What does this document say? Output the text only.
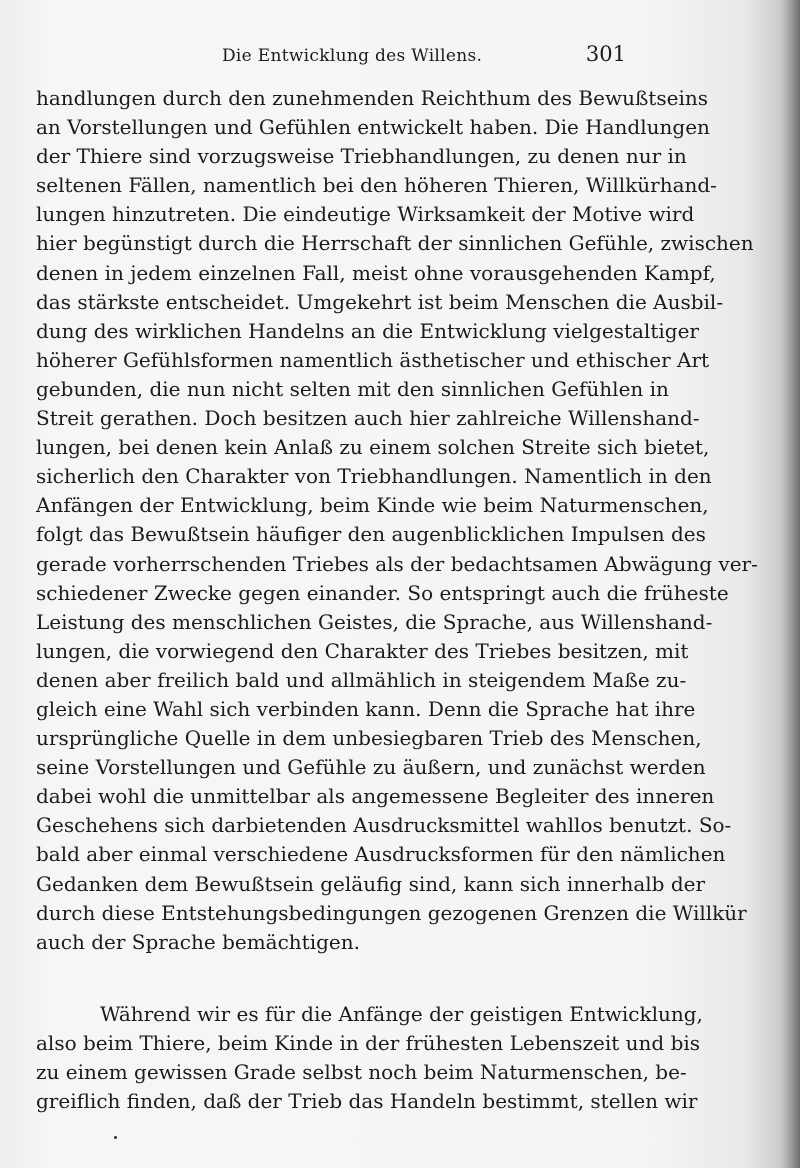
Die Entwicklung des Willens.	301
handlungen durch den zunehmenden Reichthum des Bewußtseins
an Vorstellungen und Gefühlen entwickelt haben. Die Handlungen
der Thiere sind vorzugsweise Triebhandlungen, zu denen nur in
seltenen Fällen, namentlich bei den höheren Thieren, Willkürhand-
lungen hinzutreten. Die eindeutige Wirksamkeit der Motive wird
hier begünstigt durch die Herrschaft der sinnlichen Gefühle, zwischen
denen in jedem einzelnen Fall, meist ohne vorausgehenden Kampf,
das stärkste entscheidet. Umgekehrt ist beim Menschen die Ausbil-
dung des wirklichen Handelns an die Entwicklung vielgestaltiger
höherer Gefühlsformen namentlich ästhetischer und ethischer Art
gebunden, die nun nicht selten mit den sinnlichen Gefühlen in
Streit gerathen. Doch besitzen auch hier zahlreiche Willenshand-
lungen, bei denen kein Anlaß zu einem solchen Streite sich bietet,
sicherlich den Charakter von Triebhandlungen. Namentlich in den
Anfängen der Entwicklung, beim Kinde wie beim Naturmenschen,
folgt das Bewußtsein häufiger den augenblicklichen Impulsen des
gerade vorherrschenden Triebes als der bedachtsamen Abwägung ver-
schiedener Zwecke gegen einander. So entspringt auch die früheste
Leistung des menschlichen Geistes, die Sprache, aus Willenshand-
lungen, die vorwiegend den Charakter des Triebes besitzen, mit
denen aber freilich bald und allmählich in steigendem Maße zu-
gleich eine Wahl sich verbinden kann. Denn die Sprache hat ihre
ursprüngliche Quelle in dem unbesiegbaren Trieb des Menschen,
seine Vorstellungen und Gefühle zu äußern, und zunächst werden
dabei wohl die unmittelbar als angemessene Begleiter des inneren
Geschehens sich darbietenden Ausdrucksmittel wahllos benutzt. So-
bald aber einmal verschiedene Ausdrucksformen für den nämlichen
Gedanken dem Bewußtsein geläufig sind, kann sich innerhalb der
durch diese Entstehungsbedingungen gezogenen Grenzen die Willkür
auch der Sprache bemächtigen.
Während wir es für die Anfänge der geistigen Entwicklung,
also beim Thiere, beim Kinde in der frühesten Lebenszeit und bis
zu einem gewissen Grade selbst noch beim Naturmenschen, be-
greiflich finden, daß der Trieb das Handeln bestimmt, stellen wir
